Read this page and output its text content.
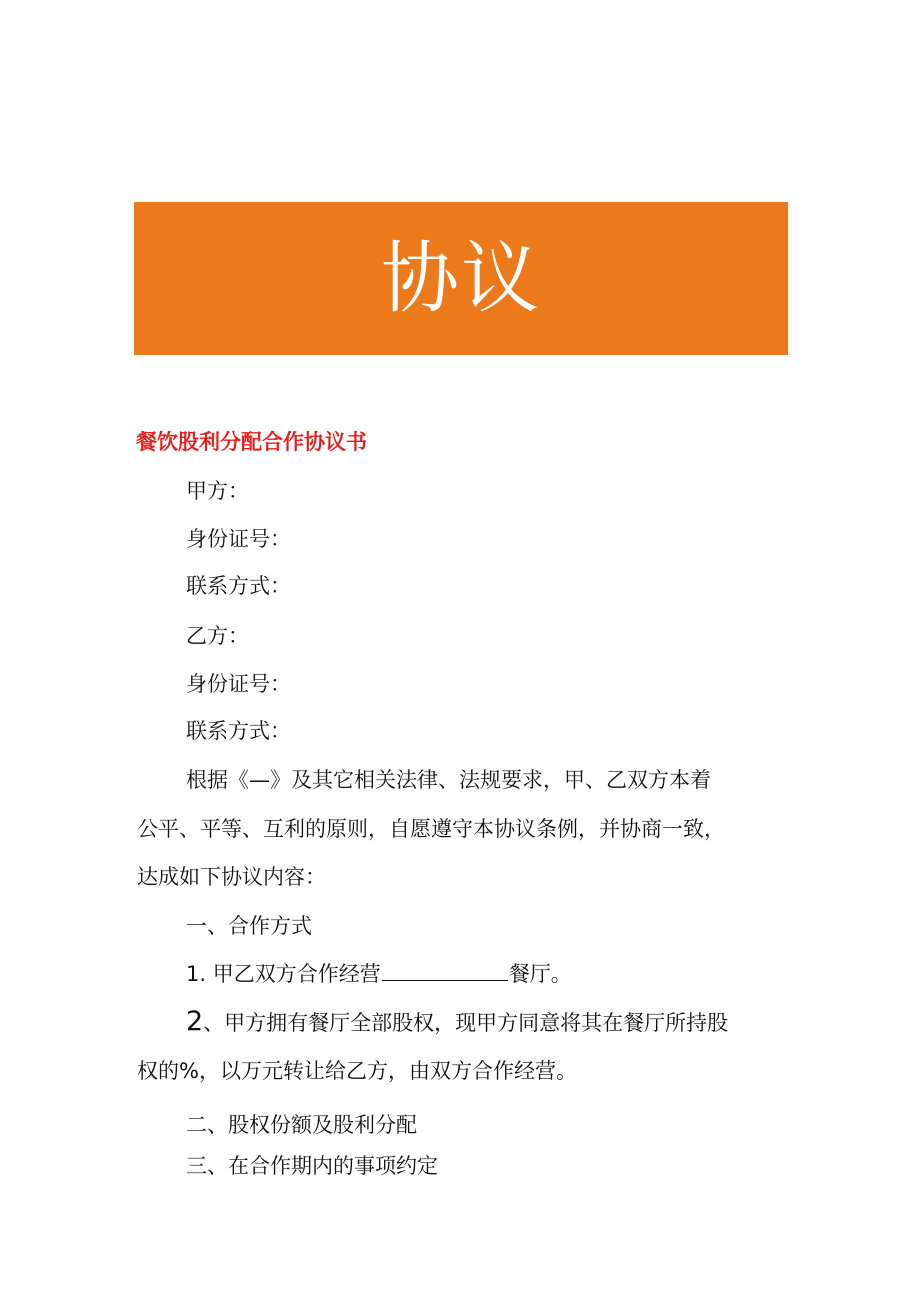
协议
餐饮股利分配合作协议书
甲方：
身份证号：
联系方式：
乙方：
身份证号：
联系方式：
根据《—》及其它相关法律、法规要求，甲、乙双方本着
公平、平等、互利的原则，自愿遵守本协议条例，并协商一致，
达成如下协议内容：
一、合作方式
1. 甲乙双方合作经营	餐厅。
2、甲方拥有餐厅全部股权，现甲方同意将其在餐厅所持股
权的%，以万元转让给乙方，由双方合作经营。
二、股权份额及股利分配
三、在合作期内的事项约定
